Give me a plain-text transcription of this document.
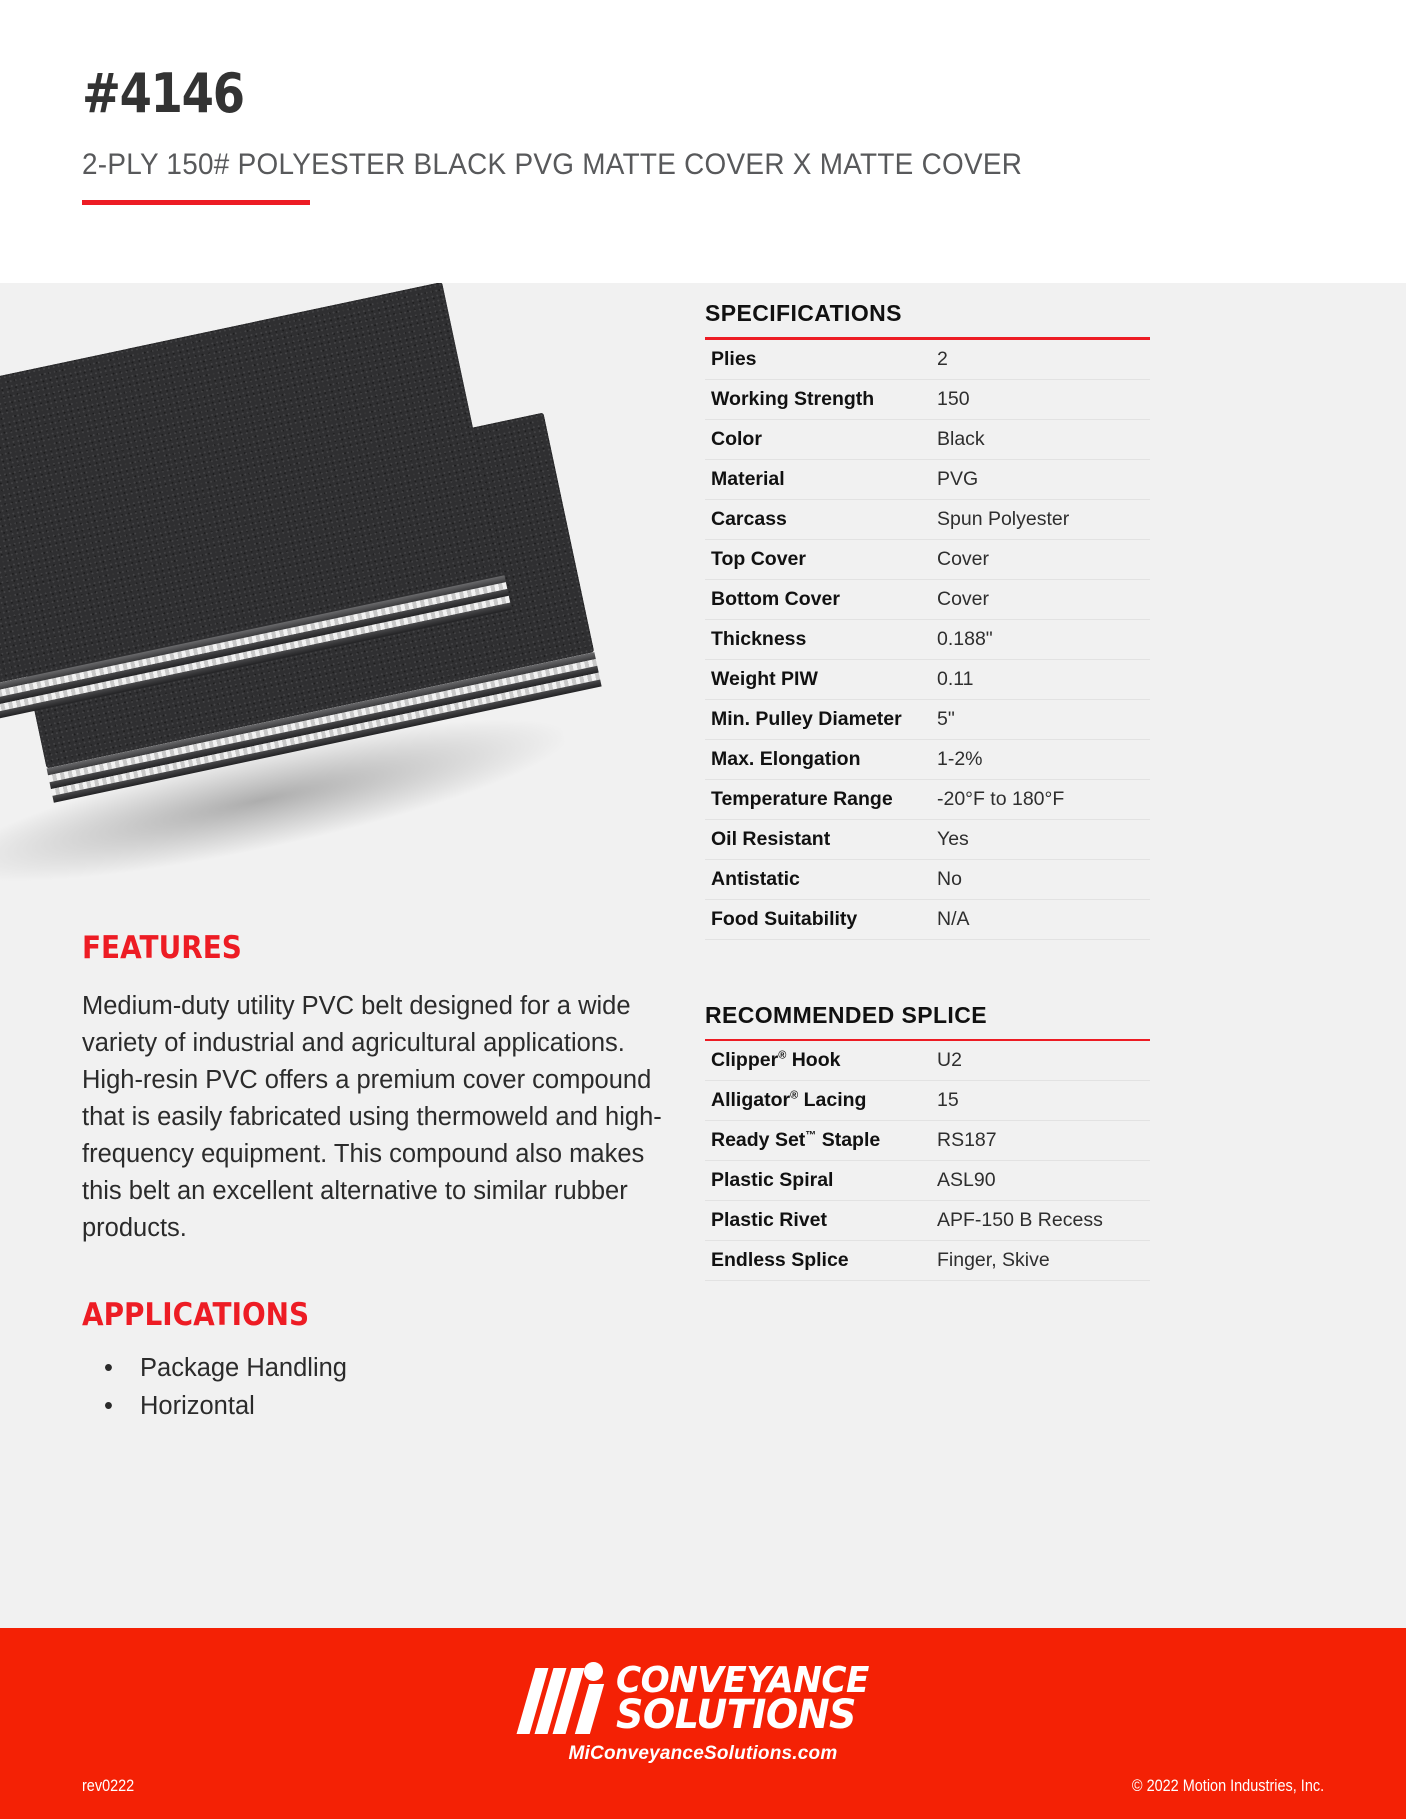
#4146
2-PLY 150# POLYESTER BLACK PVG MATTE COVER X MATTE COVER
FEATURES
Medium-duty utility PVC belt designed for a wide variety of industrial and agricultural applications. High-resin PVC offers a premium cover compound that is easily fabricated using thermoweld and high-frequency equipment. This compound also makes this belt an excellent alternative to similar rubber products.
APPLICATIONS
• Package Handling
• Horizontal
SPECIFICATIONS
Plies	2
Working Strength	150
Color	Black
Material	PVG
Carcass	Spun Polyester
Top Cover	Cover
Bottom Cover	Cover
Thickness	0.188"
Weight PIW	0.11
Min. Pulley Diameter	5"
Max. Elongation	1-2%
Temperature Range	-20°F to 180°F
Oil Resistant	Yes
Antistatic	No
Food Suitability	N/A
RECOMMENDED SPLICE
Clipper® Hook	U2
Alligator® Lacing	15
Ready Set™ Staple	RS187
Plastic Spiral	ASL90
Plastic Rivet	APF-150 B Recess
Endless Splice	Finger, Skive
CONVEYANCE
SOLUTIONS
MiConveyanceSolutions.com
rev0222	© 2022 Motion Industries, Inc.
